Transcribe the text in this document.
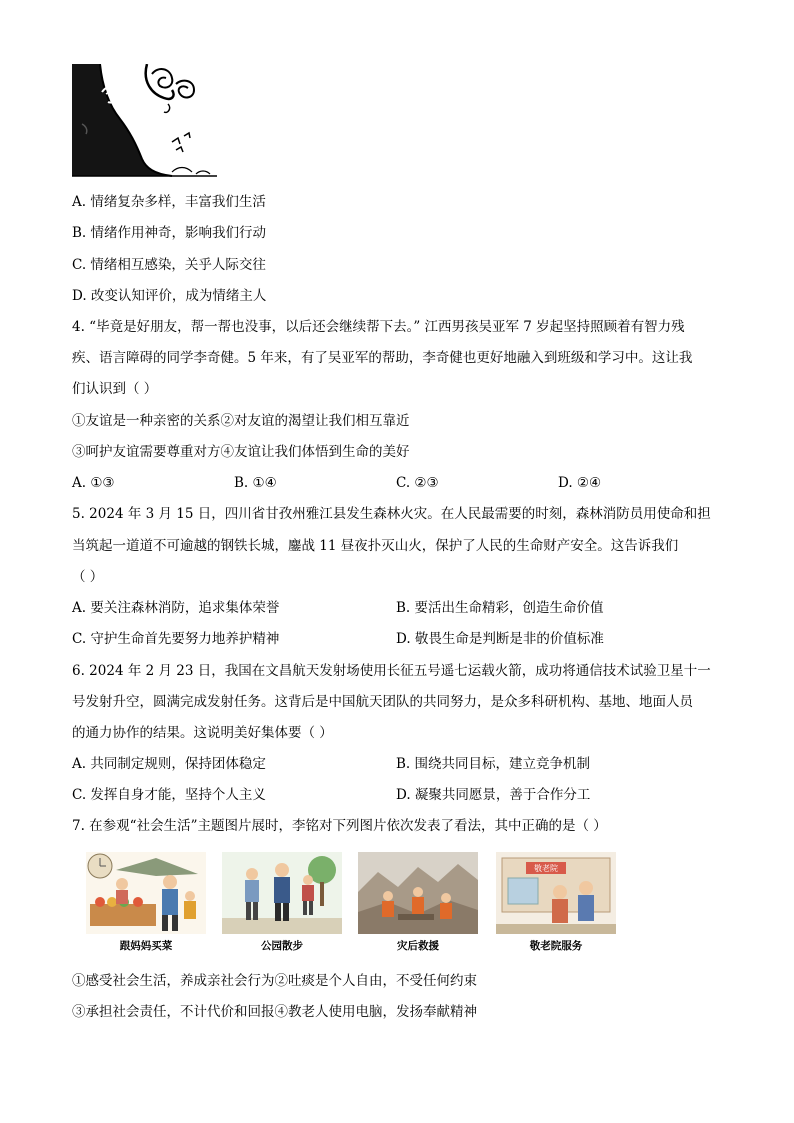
A. 情绪复杂多样，丰富我们生活
B. 情绪作用神奇，影响我们行动
C. 情绪相互感染，关乎人际交往
D. 改变认知评价，成为情绪主人
4. “毕竟是好朋友，帮一帮也没事，以后还会继续帮下去。” 江西男孩吴亚军 7 岁起坚持照顾着有智力残
疾、语言障碍的同学李奇健。5 年来，有了吴亚军的帮助，李奇健也更好地融入到班级和学习中。这让我
们认识到（ ）
①友谊是一种亲密的关系②对友谊的渴望让我们相互靠近
③呵护友谊需要尊重对方④友谊让我们体悟到生命的美好
A. ①③	B. ①④	C. ②③	D. ②④
5. 2024 年 3 月 15 日，四川省甘孜州雅江县发生森林火灾。在人民最需要的时刻，森林消防员用使命和担
当筑起一道道不可逾越的钢铁长城，鏖战 11 昼夜扑灭山火，保护了人民的生命财产安全。这告诉我们
（ ）
A. 要关注森林消防，追求集体荣誉	B. 要活出生命精彩，创造生命价值
C. 守护生命首先要努力地养护精神	D. 敬畏生命是判断是非的价值标准
6. 2024 年 2 月 23 日，我国在文昌航天发射场使用长征五号遥七运载火箭，成功将通信技术试验卫星十一
号发射升空，圆满完成发射任务。这背后是中国航天团队的共同努力，是众多科研机构、基地、地面人员
的通力协作的结果。这说明美好集体要（ ）
A. 共同制定规则，保持团体稳定	B. 围绕共同目标，建立竞争机制
C. 发挥自身才能，坚持个人主义	D. 凝聚共同愿景，善于合作分工
7. 在参观“社会生活”主题图片展时，李铭对下列图片依次发表了看法，其中正确的是（ ）
跟妈妈买菜	公园散步	灾后救援
敬老院
敬老院服务
①感受社会生活，养成亲社会行为②吐痰是个人自由，不受任何约束
③承担社会责任，不计代价和回报④教老人使用电脑，发扬奉献精神
